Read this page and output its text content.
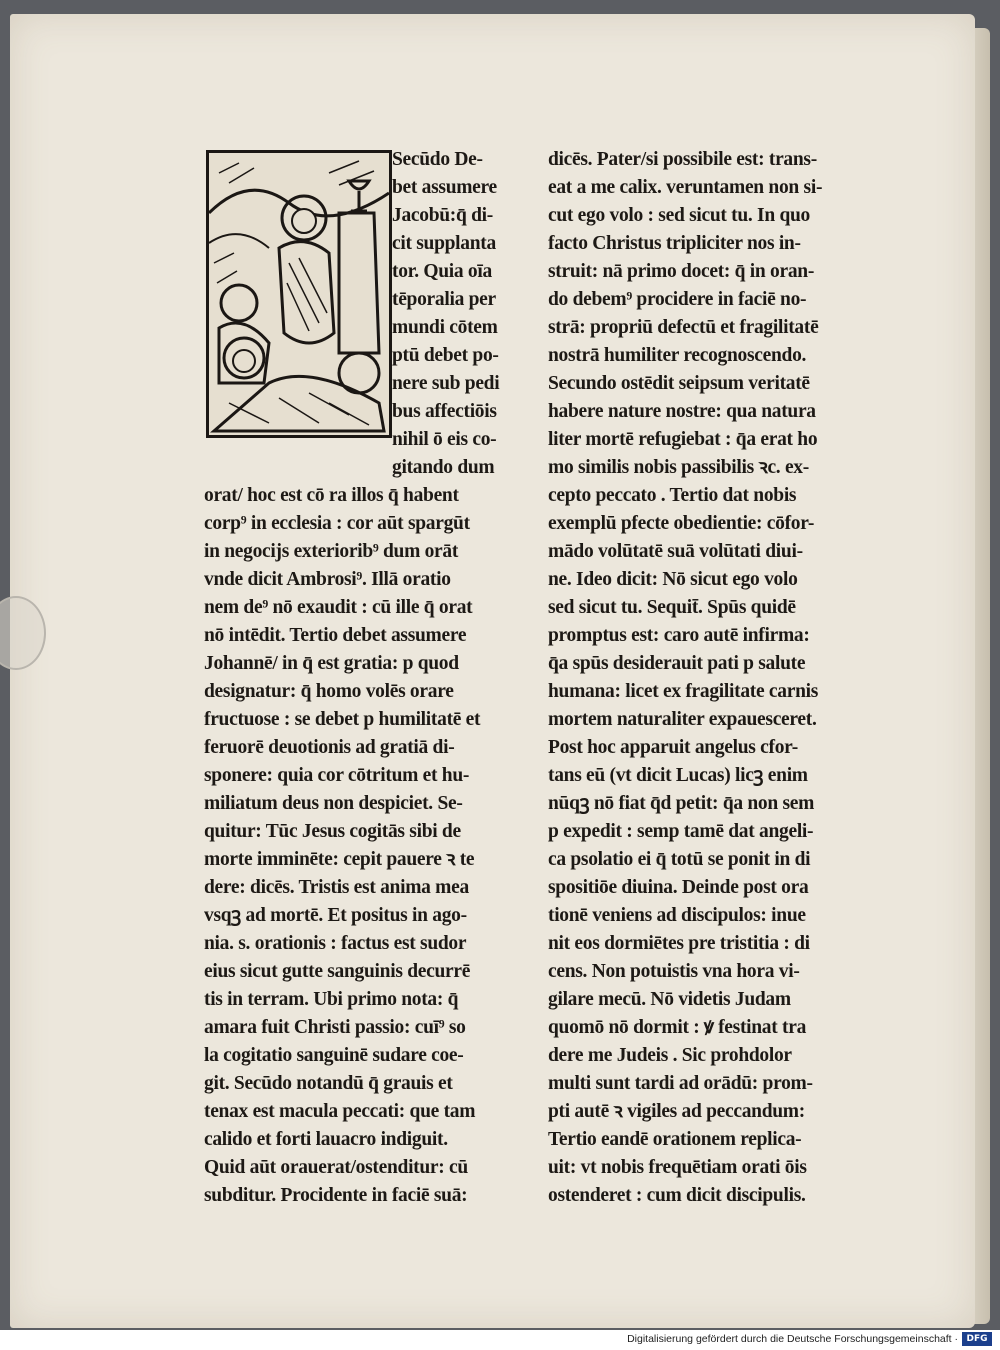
Secūdo De-
bet assumere
Jacobū:q̄ di-
cit supplanta
tor. Quia oīa
tēporalia per
mundi cōtem
ptū debet po-
nere sub pedi
bus affectiōis
nihil ō eis co-
gitando dum
orat/ hoc est cō ra illos q̄ habent
corp⁹ in ecclesia : cor aūt spargūt
in negocijs exteriorib⁹ dum orāt
vnde dicit Ambrosi⁹. Illā oratio
nem de⁹ nō exaudit : cū ille q̄ orat
nō intēdit. Tertio debet assumere
Johannē/ in q̄ est gratia: p quod
designatur: q̄ homo volēs orare
fructuose : se debet p humilitatē et
feruorē deuotionis ad gratiā di-
sponere: quia cor cōtritum et hu-
miliatum deus non despiciet. Se-
quitur: Tūc Jesus cogitās sibi de
morte imminēte: cepit pauere ꝛ te
dere: dicēs. Tristis est anima mea
vsqꝫ ad mortē. Et positus in ago-
nia. s. orationis : factus est sudor
eius sicut gutte sanguinis decurrē
tis in terram. Ubi primo nota: q̄
amara fuit Christi passio: cuī⁹ so
la cogitatio sanguinē sudare coe-
git. Secūdo notandū q̄ grauis et
tenax est macula peccati: que tam
calido et forti lauacro indiguit.
Quid aūt orauerat/ostenditur: cū
subditur. Procidente in faciē suā:
dicēs. Pater/si possibile est: trans-
eat a me calix. veruntamen non si-
cut ego volo : sed sicut tu. In quo
facto Christus tripliciter nos in-
struit: nā primo docet: q̄ in oran-
do debem⁹ procidere in faciē no-
strā: propriū defectū et fragilitatē
nostrā humiliter recognoscendo.
Secundo ostēdit seipsum veritatē
habere nature nostre: qua natura
liter mortē refugiebat : q̄a erat ho
mo similis nobis passibilis ꝛc. ex-
cepto peccato . Tertio dat nobis
exemplū pfecte obedientie: cōfor-
mādo volūtatē suā volūtati diui-
ne. Ideo dicit: Nō sicut ego volo
sed sicut tu. Sequit̄. Spūs quidē
promptus est: caro autē infirma:
q̄a spūs desiderauit pati p salute
humana: licet ex fragilitate carnis
mortem naturaliter expauesceret.
Post hoc apparuit angelus cfor-
tans eū (vt dicit Lucas) licꝫ enim
nūqꝫ nō fiat q̄d petit: q̄a non sem
p expedit : semp tamē dat angeli-
ca psolatio ei q̄ totū se ponit in di
spositiōe diuina. Deinde post ora
tionē veniens ad discipulos: inue
nit eos dormiētes pre tristitia : di
cens. Non potuistis vna hora vi-
gilare mecū. Nō videtis Judam
quomō nō dormit : ꝟ festinat tra
dere me Judeis . Sic prohdolor
multi sunt tardi ad orādū: prom-
pti autē ꝛ vigiles ad peccandum:
Tertio eandē orationem replica-
uit: vt nobis frequētiam orati ōis
ostenderet : cum dicit discipulis.
Digitalisierung gefördert durch die Deutsche Forschungsgemeinschaft · DFG
